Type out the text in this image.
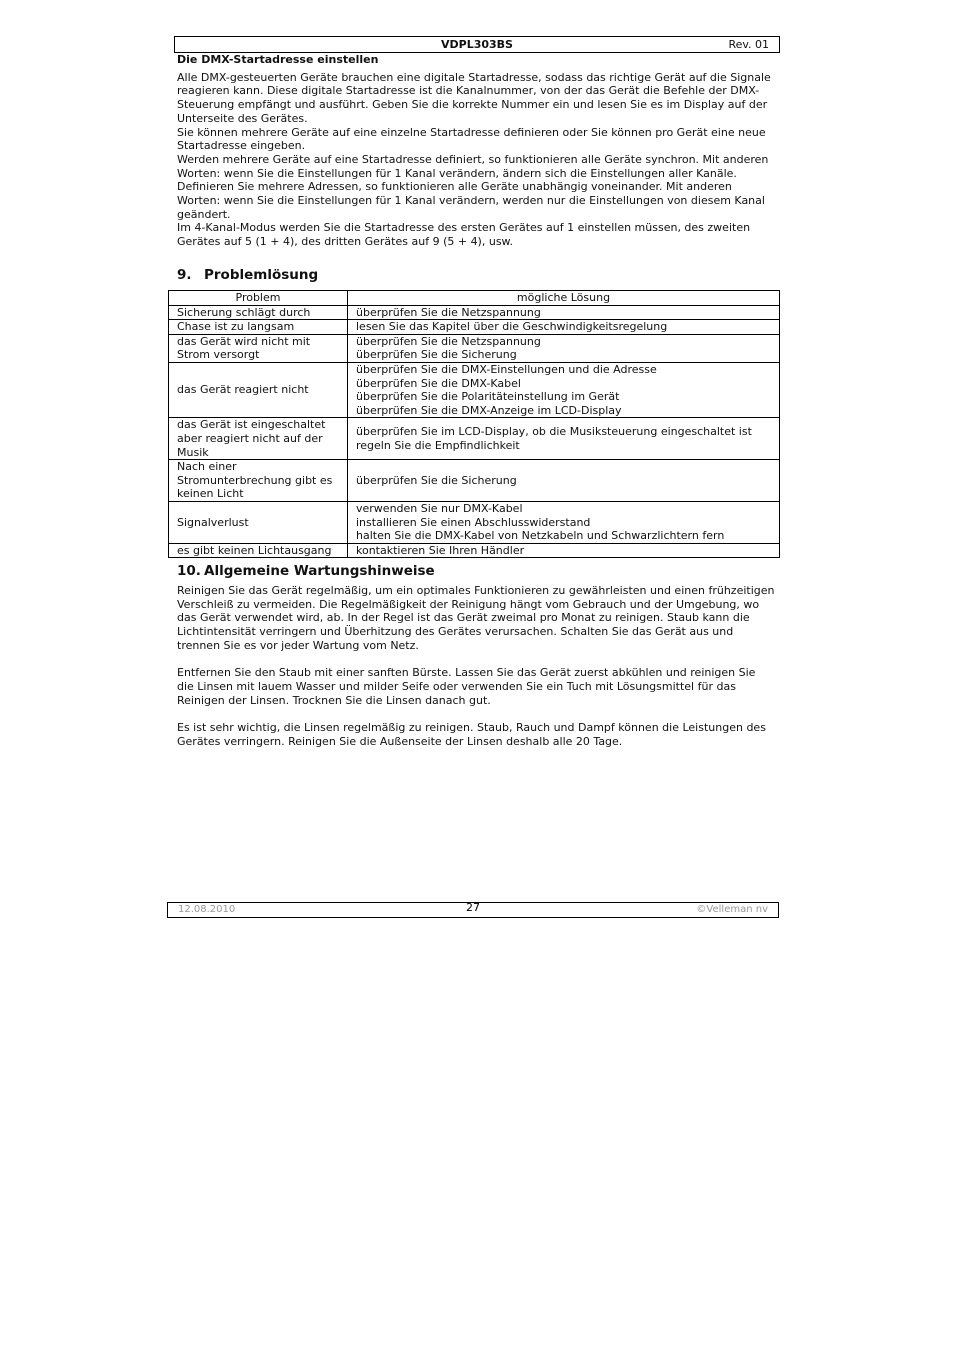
VDPL303BS	Rev. 01

Die DMX-Startadresse einstellen

Alle DMX-gesteuerten Geräte brauchen eine digitale Startadresse, sodass das richtige Gerät auf die Signale reagieren kann. Diese digitale Startadresse ist die Kanalnummer, von der das Gerät die Befehle der DMX-Steuerung empfängt und ausführt. Geben Sie die korrekte Nummer ein und lesen Sie es im Display auf der Unterseite des Gerätes.

Sie können mehrere Geräte auf eine einzelne Startadresse definieren oder Sie können pro Gerät eine neue Startadresse eingeben.

Werden mehrere Geräte auf eine Startadresse definiert, so funktionieren alle Geräte synchron. Mit anderen Worten: wenn Sie die Einstellungen für 1 Kanal verändern, ändern sich die Einstellungen aller Kanäle.

Definieren Sie mehrere Adressen, so funktionieren alle Geräte unabhängig voneinander. Mit anderen Worten: wenn Sie die Einstellungen für 1 Kanal verändern, werden nur die Einstellungen von diesem Kanal geändert.

Im 4-Kanal-Modus werden Sie die Startadresse des ersten Gerätes auf 1 einstellen müssen, des zweiten Gerätes auf 5 (1 + 4), des dritten Gerätes auf 9 (5 + 4), usw.

9. Problemlösung
Problem	mögliche Lösung
Sicherung schlägt durch	überprüfen Sie die Netzspannung

Chase ist zu langsam	lesen Sie das Kapitel über die Geschwindigkeitsregelung

das Gerät wird nicht mit Strom versorgt	überprüfen Sie die Netzspannung
überprüfen Sie die Sicherung

das Gerät reagiert nicht	überprüfen Sie die DMX-Einstellungen und die Adresse
überprüfen Sie die DMX-Kabel
überprüfen Sie die Polaritäteinstellung im Gerät
überprüfen Sie die DMX-Anzeige im LCD-Display

das Gerät ist eingeschaltet aber reagiert nicht auf der Musik	überprüfen Sie im LCD-Display, ob die Musiksteuerung eingeschaltet ist regeln Sie die Empfindlichkeit

Nach einer Stromunterbrechung gibt es keinen Licht	überprüfen Sie die Sicherung

Signalverlust	verwenden Sie nur DMX-Kabel
installieren Sie einen Abschlusswiderstand
halten Sie die DMX-Kabel von Netzkabeln und Schwarzlichtern fern

es gibt keinen Lichtausgang	kontaktieren Sie Ihren Händler
10. Allgemeine Wartungshinweise

Reinigen Sie das Gerät regelmäßig, um ein optimales Funktionieren zu gewährleisten und einen frühzeitigen Verschleiß zu vermeiden. Die Regelmäßigkeit der Reinigung hängt vom Gebrauch und der Umgebung, wo das Gerät verwendet wird, ab. In der Regel ist das Gerät zweimal pro Monat zu reinigen. Staub kann die Lichtintensität verringern und Überhitzung des Gerätes verursachen. Schalten Sie das Gerät aus und trennen Sie es vor jeder Wartung vom Netz.

Entfernen Sie den Staub mit einer sanften Bürste. Lassen Sie das Gerät zuerst abkühlen und reinigen Sie die Linsen mit lauem Wasser und milder Seife oder verwenden Sie ein Tuch mit Lösungsmittel für das Reinigen der Linsen. Trocknen Sie die Linsen danach gut.

Es ist sehr wichtig, die Linsen regelmäßig zu reinigen. Staub, Rauch und Dampf können die Leistungen des Gerätes verringern. Reinigen Sie die Außenseite der Linsen deshalb alle 20 Tage.

12.08.2010	27	©Velleman nv
